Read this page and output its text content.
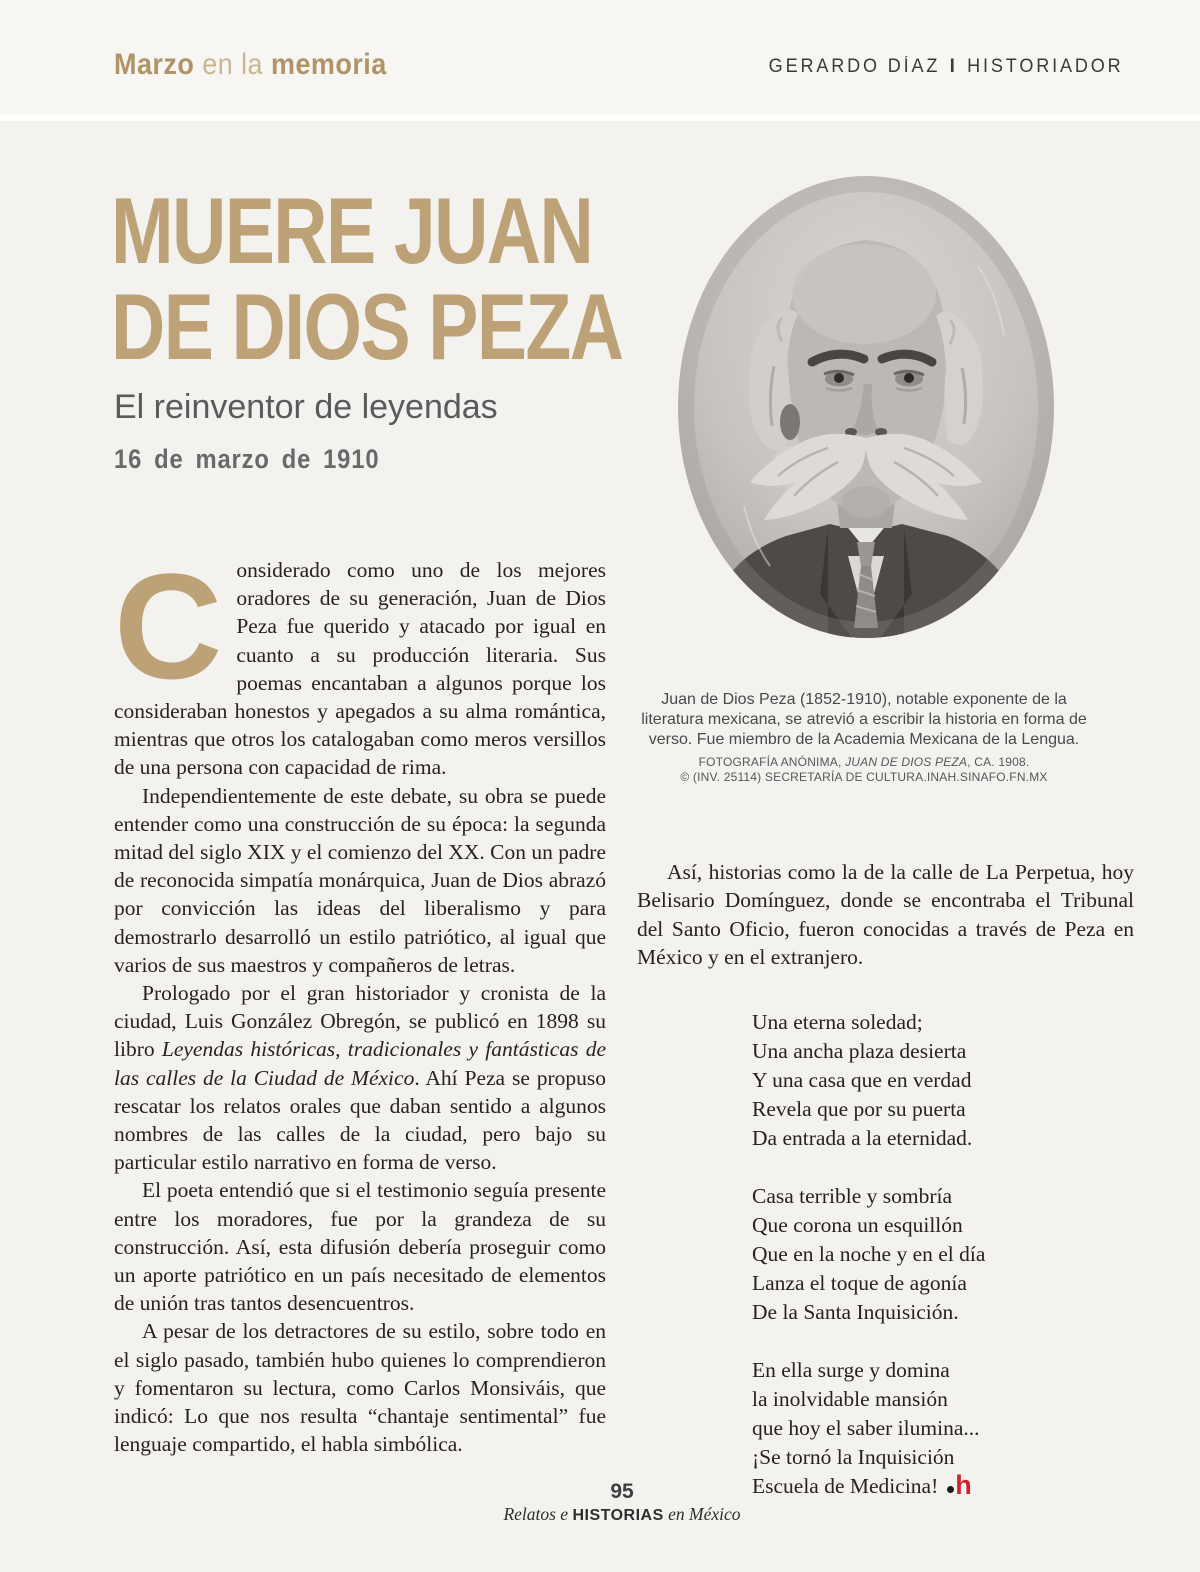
Marzo en la memoria	GERARDO DÍAZ I HISTORIADOR
MUERE JUAN
DE DIOS PEZA
El reinventor de leyendas
16 de marzo de 1910

Considerado como uno de los mejores oradores de su generación, Juan de Dios Peza fue querido y atacado por igual en cuanto a su producción literaria. Sus poemas encantaban a algunos porque los consideraban honestos y apegados a su alma romántica, mientras que otros los catalogaban como meros versillos de una persona con capacidad de rima.

Independientemente de este debate, su obra se puede entender como una construcción de su época: la segunda mitad del siglo XIX y el comienzo del XX. Con un padre de reconocida simpatía monárquica, Juan de Dios abrazó por convicción las ideas del liberalismo y para demostrarlo desarrolló un estilo patriótico, al igual que varios de sus maestros y compañeros de letras.

Prologado por el gran historiador y cronista de la ciudad, Luis González Obregón, se publicó en 1898 su libro Leyendas históricas, tradicionales y fantásticas de las calles de la Ciudad de México. Ahí Peza se propuso rescatar los relatos orales que daban sentido a algunos nombres de las calles de la ciudad, pero bajo su particular estilo narrativo en forma de verso.

El poeta entendió que si el testimonio seguía presente entre los moradores, fue por la grandeza de su construcción. Así, esta difusión debería proseguir como un aporte patriótico en un país necesitado de elementos de unión tras tantos desencuentros.

A pesar de los detractores de su estilo, sobre todo en el siglo pasado, también hubo quienes lo comprendieron y fomentaron su lectura, como Carlos Monsiváis, que indicó: Lo que nos resulta “chantaje sentimental” fue lenguaje compartido, el habla simbólica.

Juan de Dios Peza (1852-1910), notable exponente de la literatura mexicana, se atrevió a escribir la historia en forma de verso. Fue miembro de la Academia Mexicana de la Lengua.
FOTOGRAFÍA ANÓNIMA, JUAN DE DIOS PEZA, CA. 1908.
© (INV. 25114) SECRETARÍA DE CULTURA.INAH.SINAFO.FN.MX

Así, historias como la de la calle de La Perpetua, hoy Belisario Domínguez, donde se encontraba el Tribunal del Santo Oficio, fueron conocidas a través de Peza en México y en el extranjero.

Una eterna soledad;
Una ancha plaza desierta
Y una casa que en verdad
Revela que por su puerta
Da entrada a la eternidad.
Casa terrible y sombría
Que corona un esquillón
Que en la noche y en el día
Lanza el toque de agonía
De la Santa Inquisición.
En ella surge y domina
la inolvidable mansión
que hoy el saber ilumina...
¡Se tornó la Inquisición
Escuela de Medicina! h
95
Relatos e HISTORIAS en México
